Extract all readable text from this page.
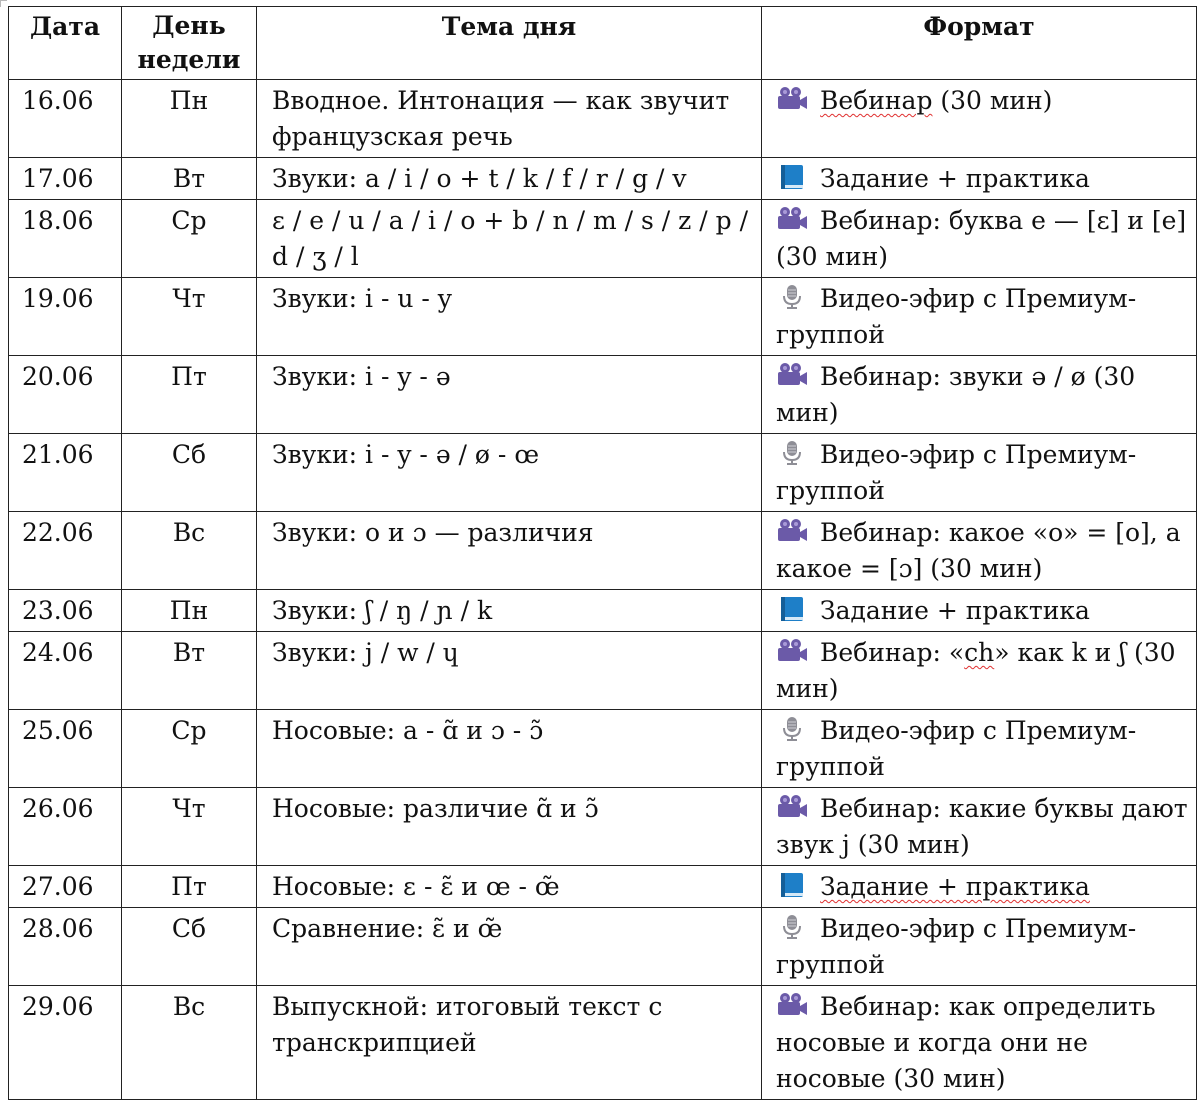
Дата	День недели	Тема дня	Формат
16.06	Пн	Вводное. Интонация — как звучит французская речь	Вебинар (30 мин)
17.06	Вт	Звуки: a / i / o + t / k / f / r / g / v	Задание + практика
18.06	Ср	ɛ / e / u / a / i / o + b / n / m / s / z / p / d / ʒ / l	Вебинар: буква e — [ɛ] и [e] (30 мин)
19.06	Чт	Звуки: i - u - y	Видео-эфир с Премиум-группой
20.06	Пт	Звуки: i - y - ə	Вебинар: звуки ə / ø (30 мин)
21.06	Сб	Звуки: i - y - ə / ø - œ	Видео-эфир с Премиум-группой
22.06	Вс	Звуки: o и ɔ — различия	Вебинар: какое «o» = [o], а какое = [ɔ] (30 мин)
23.06	Пн	Звуки: ʃ / ŋ / ɲ / k	Задание + практика
24.06	Вт	Звуки: j / w / ɥ	Вебинар: «ch» как k и ʃ (30 мин)
25.06	Ср	Носовые: a - ɑ̃ и ɔ - ɔ̃	Видео-эфир с Премиум-группой
26.06	Чт	Носовые: различие ɑ̃ и ɔ̃	Вебинар: какие буквы дают звук j (30 мин)
27.06	Пт	Носовые: ɛ - ɛ̃ и œ - œ̃	Задание + практика
28.06	Сб	Сравнение: ɛ̃ и œ̃	Видео-эфир с Премиум-группой
29.06	Вс	Выпускной: итоговый текст с транскрипцией	Вебинар: как определить носовые и когда они не носовые (30 мин)
